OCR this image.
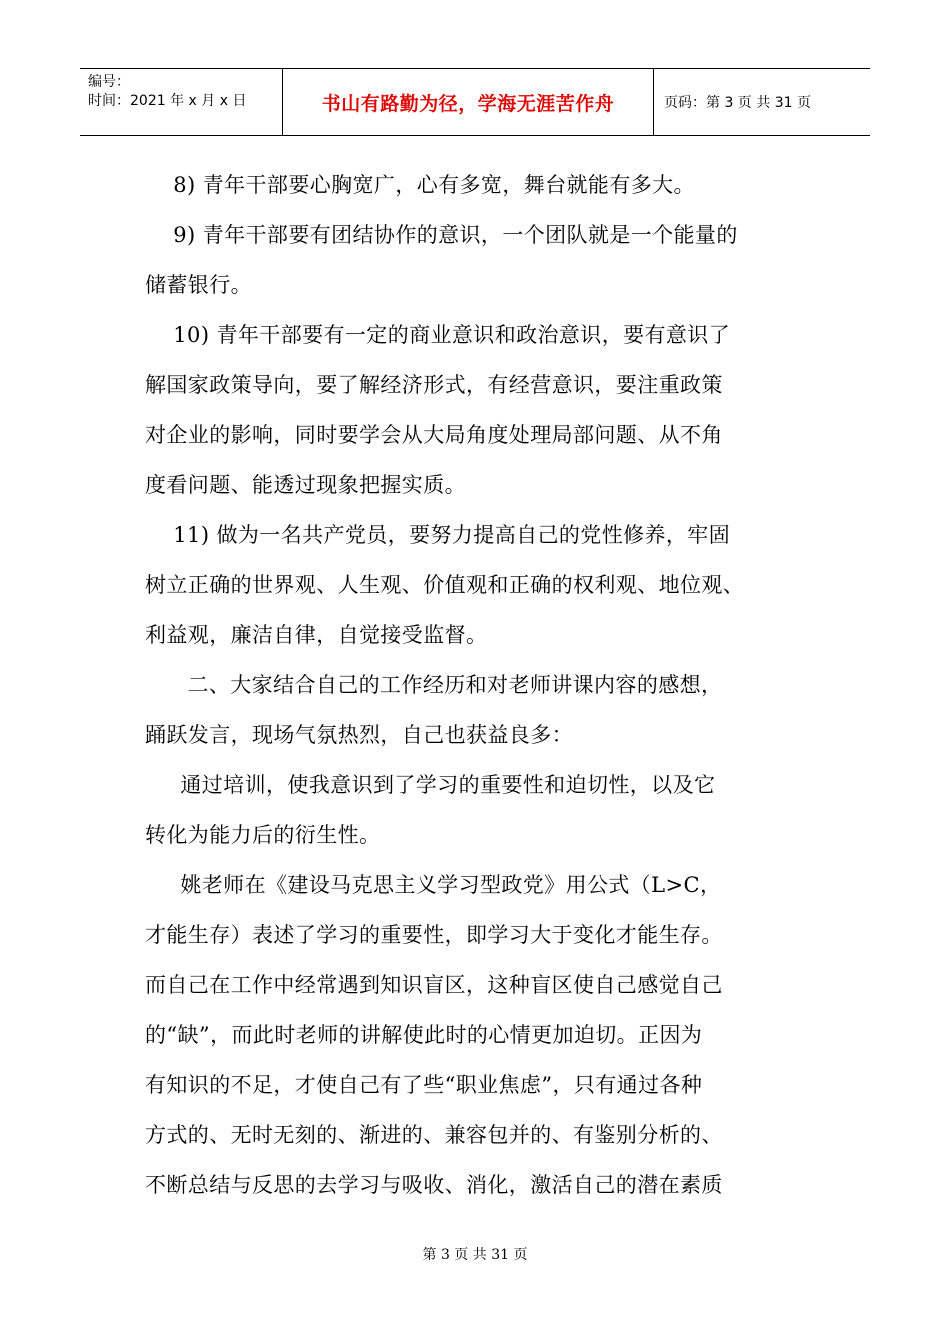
编号：
时间：2021 年 x 月 x 日	书山有路勤为径，学海无涯苦作舟	页码：第 3 页 共 31 页

8) 青年干部要心胸宽广，心有多宽，舞台就能有多大。

9) 青年干部要有团结协作的意识，一个团队就是一个能量的

储蓄银行。

10) 青年干部要有一定的商业意识和政治意识，要有意识了

解国家政策导向，要了解经济形式，有经营意识，要注重政策

对企业的影响，同时要学会从大局角度处理局部问题、从不角

度看问题、能透过现象把握实质。

11) 做为一名共产党员，要努力提高自己的党性修养，牢固

树立正确的世界观、人生观、价值观和正确的权利观、地位观、

利益观，廉洁自律，自觉接受监督。

二、大家结合自己的工作经历和对老师讲课内容的感想，

踊跃发言，现场气氛热烈，自己也获益良多：

通过培训，使我意识到了学习的重要性和迫切性，以及它

转化为能力后的衍生性。

姚老师在《建设马克思主义学习型政党》用公式（L>C，

才能生存）表述了学习的重要性，即学习大于变化才能生存。

而自己在工作中经常遇到知识盲区，这种盲区使自己感觉自己

的“缺”，而此时老师的讲解使此时的心情更加迫切。正因为

有知识的不足，才使自己有了些“职业焦虑”，只有通过各种

方式的、无时无刻的、渐进的、兼容包并的、有鉴别分析的、

不断总结与反思的去学习与吸收、消化，激活自己的潜在素质

第 3 页 共 31 页
